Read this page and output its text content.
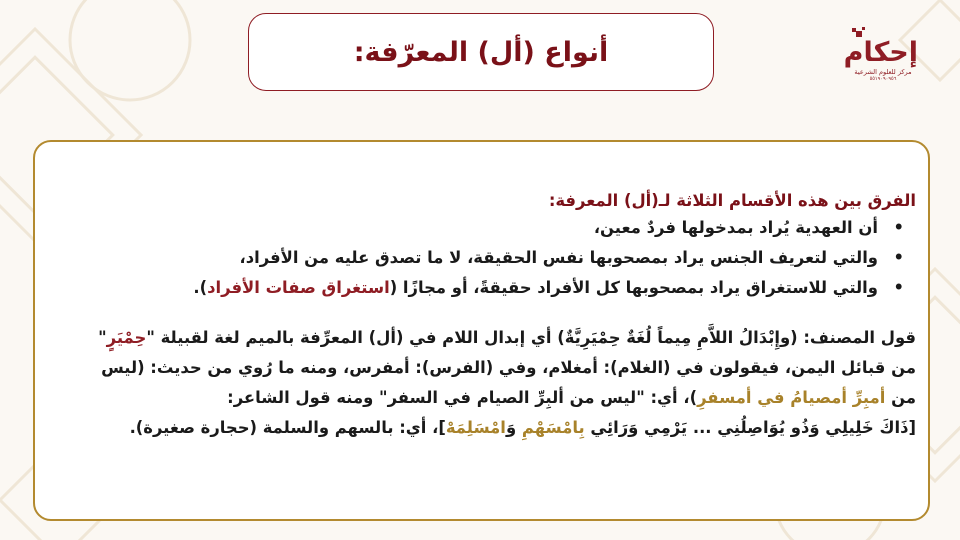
أنواع (أل) المعرّفة:	إحكام
مركز للعلوم الشرعية
٥٥١٩٠٩٠٩٥٦
الفرق بين هذه الأقسام الثلاثة لـ(أل) المعرفة:
•أن العهدية يُراد بمدخولها فردٌ معين،
•والتي لتعريف الجنس يراد بمصحوبها نفس الحقيقة، لا ما تصدق عليه من الأفراد،
•والتي للاستغراق يراد بمصحوبها كل الأفراد حقيقةً، أو مجازًا (استغراق صفات الأفراد).
قول المصنف: (وإِبْدَالُ اللاَّمِ مِيماً لُغَةٌ حِمْيَرِيَّةٌ) أي إبدال اللام في (أل) المعرِّفة بالميم لغة لقبيلة "حِمْيَرٍ"
من قبائل اليمن، فيقولون في (الغلام): أمغلام، وفي (الفرس): أمفرس، ومنه ما رُوي من حديث: (ليس
من أمبِرِّ أمصيامُ في أمسفرِ)، أي: "ليس من ألبِرِّ الصيام في السفر" ومنه قول الشاعر:
[ذَاكَ خَلِيلِي وَذُو يُوَاصِلُنِي ... يَرْمِي وَرَائِي بِامْسَهْمِ وَامْسَلِمَهْ]، أي: بالسهم والسلمة (حجارة صغيرة).
